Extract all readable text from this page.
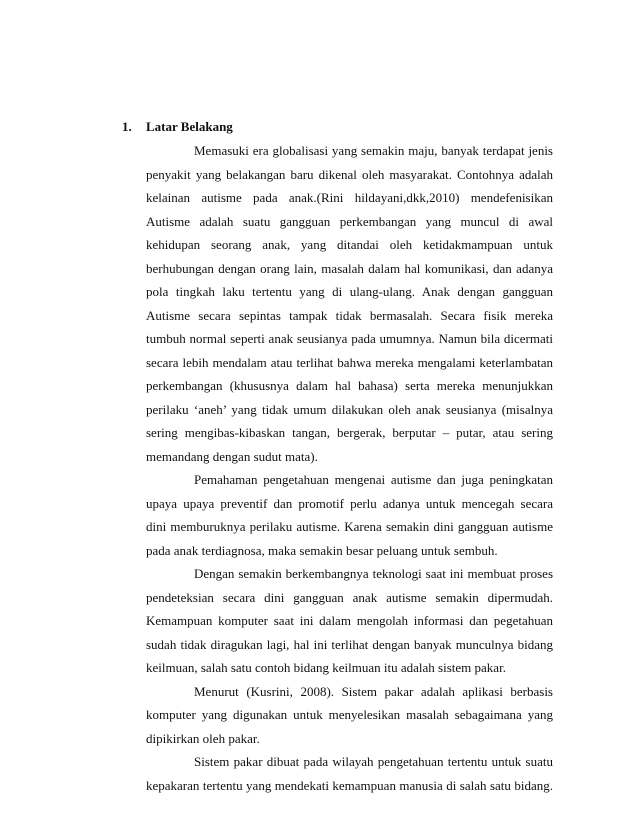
1. Latar Belakang
Memasuki era globalisasi yang semakin maju, banyak terdapat jenis
penyakit yang belakangan baru dikenal oleh masyarakat. Contohnya adalah
kelainan autisme pada anak.(Rini hildayani,dkk,2010) mendefenisikan
Autisme adalah suatu gangguan perkembangan yang muncul di awal
kehidupan seorang anak, yang ditandai oleh ketidakmampuan untuk
berhubungan dengan orang lain, masalah dalam hal komunikasi, dan adanya
pola tingkah laku tertentu yang di ulang-ulang. Anak dengan gangguan
Autisme secara sepintas tampak tidak bermasalah. Secara fisik mereka
tumbuh normal seperti anak seusianya pada umumnya. Namun bila dicermati
secara lebih mendalam atau terlihat bahwa mereka mengalami keterlambatan
perkembangan (khususnya dalam hal bahasa) serta mereka menunjukkan
perilaku ‘aneh’ yang tidak umum dilakukan oleh anak seusianya (misalnya
sering mengibas-kibaskan tangan, bergerak, berputar – putar, atau sering
memandang dengan sudut mata).
Pemahaman pengetahuan mengenai autisme dan juga peningkatan
upaya upaya preventif dan promotif perlu adanya untuk mencegah secara
dini memburuknya perilaku autisme. Karena semakin dini gangguan autisme
pada anak terdiagnosa, maka semakin besar peluang untuk sembuh.
Dengan semakin berkembangnya teknologi saat ini membuat proses
pendeteksian secara dini gangguan anak autisme semakin dipermudah.
Kemampuan komputer saat ini dalam mengolah informasi dan pegetahuan
sudah tidak diragukan lagi, hal ini terlihat dengan banyak munculnya bidang
keilmuan, salah satu contoh bidang keilmuan itu adalah sistem pakar.
Menurut (Kusrini, 2008). Sistem pakar adalah aplikasi berbasis
komputer yang digunakan untuk menyelesikan masalah sebagaimana yang
dipikirkan oleh pakar.
Sistem pakar dibuat pada wilayah pengetahuan tertentu untuk suatu
kepakaran tertentu yang mendekati kemampuan manusia di salah satu bidang.
